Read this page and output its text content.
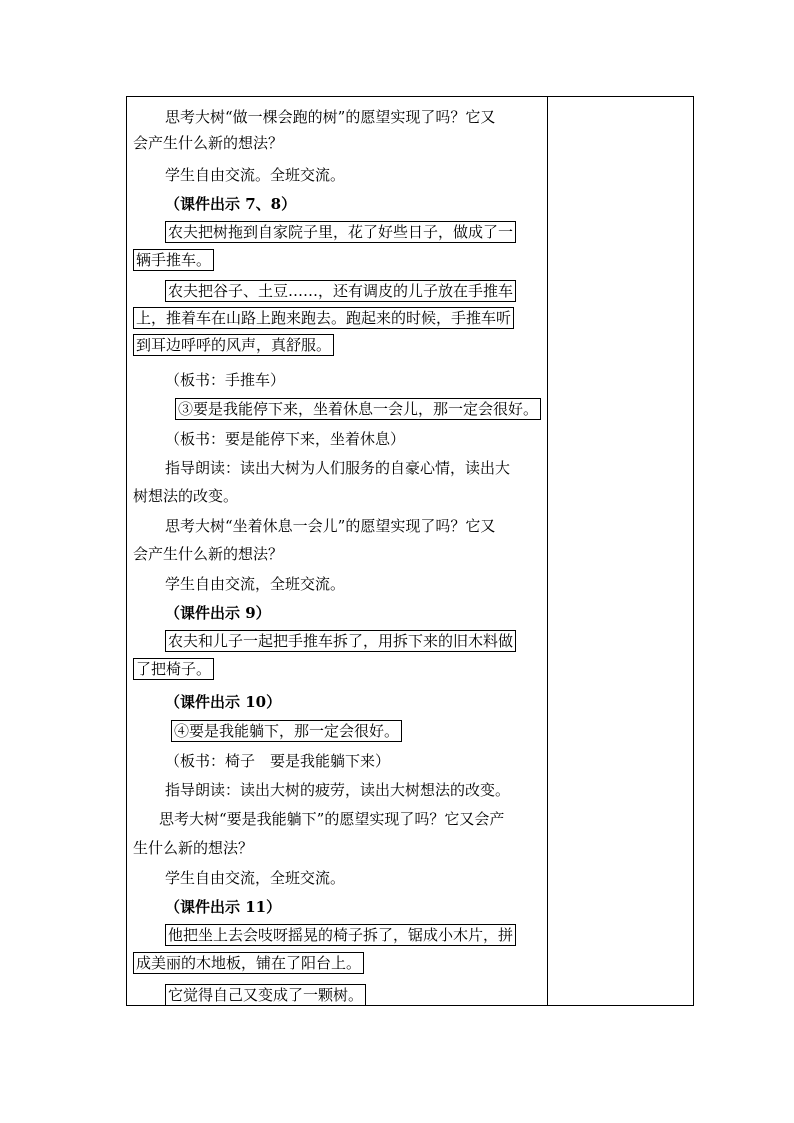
思考大树“做一棵会跑的树”的愿望实现了吗？它又
会产生什么新的想法？
学生自由交流。全班交流。
（课件出示 7、8）
农夫把树拖到自家院子里，花了好些日子，做成了一
辆手推车。
农夫把谷子、土豆……，还有调皮的儿子放在手推车
上，推着车在山路上跑来跑去。跑起来的时候，手推车听
到耳边呼呼的风声，真舒服。
（板书：手推车）
③要是我能停下来，坐着休息一会儿，那一定会很好。
（板书：要是能停下来，坐着休息）
指导朗读：读出大树为人们服务的自豪心情，读出大
树想法的改变。
思考大树“坐着休息一会儿”的愿望实现了吗？它又
会产生什么新的想法？
学生自由交流，全班交流。
（课件出示 9）
农夫和儿子一起把手推车拆了，用拆下来的旧木料做
了把椅子。
（课件出示 10）
④要是我能躺下，那一定会很好。
（板书：椅子　要是我能躺下来）
指导朗读：读出大树的疲劳，读出大树想法的改变。
思考大树“要是我能躺下”的愿望实现了吗？它又会产
生什么新的想法？
学生自由交流，全班交流。
（课件出示 11）
他把坐上去会吱呀摇晃的椅子拆了，锯成小木片，拼
成美丽的木地板，铺在了阳台上。
它觉得自己又变成了一颗树。
